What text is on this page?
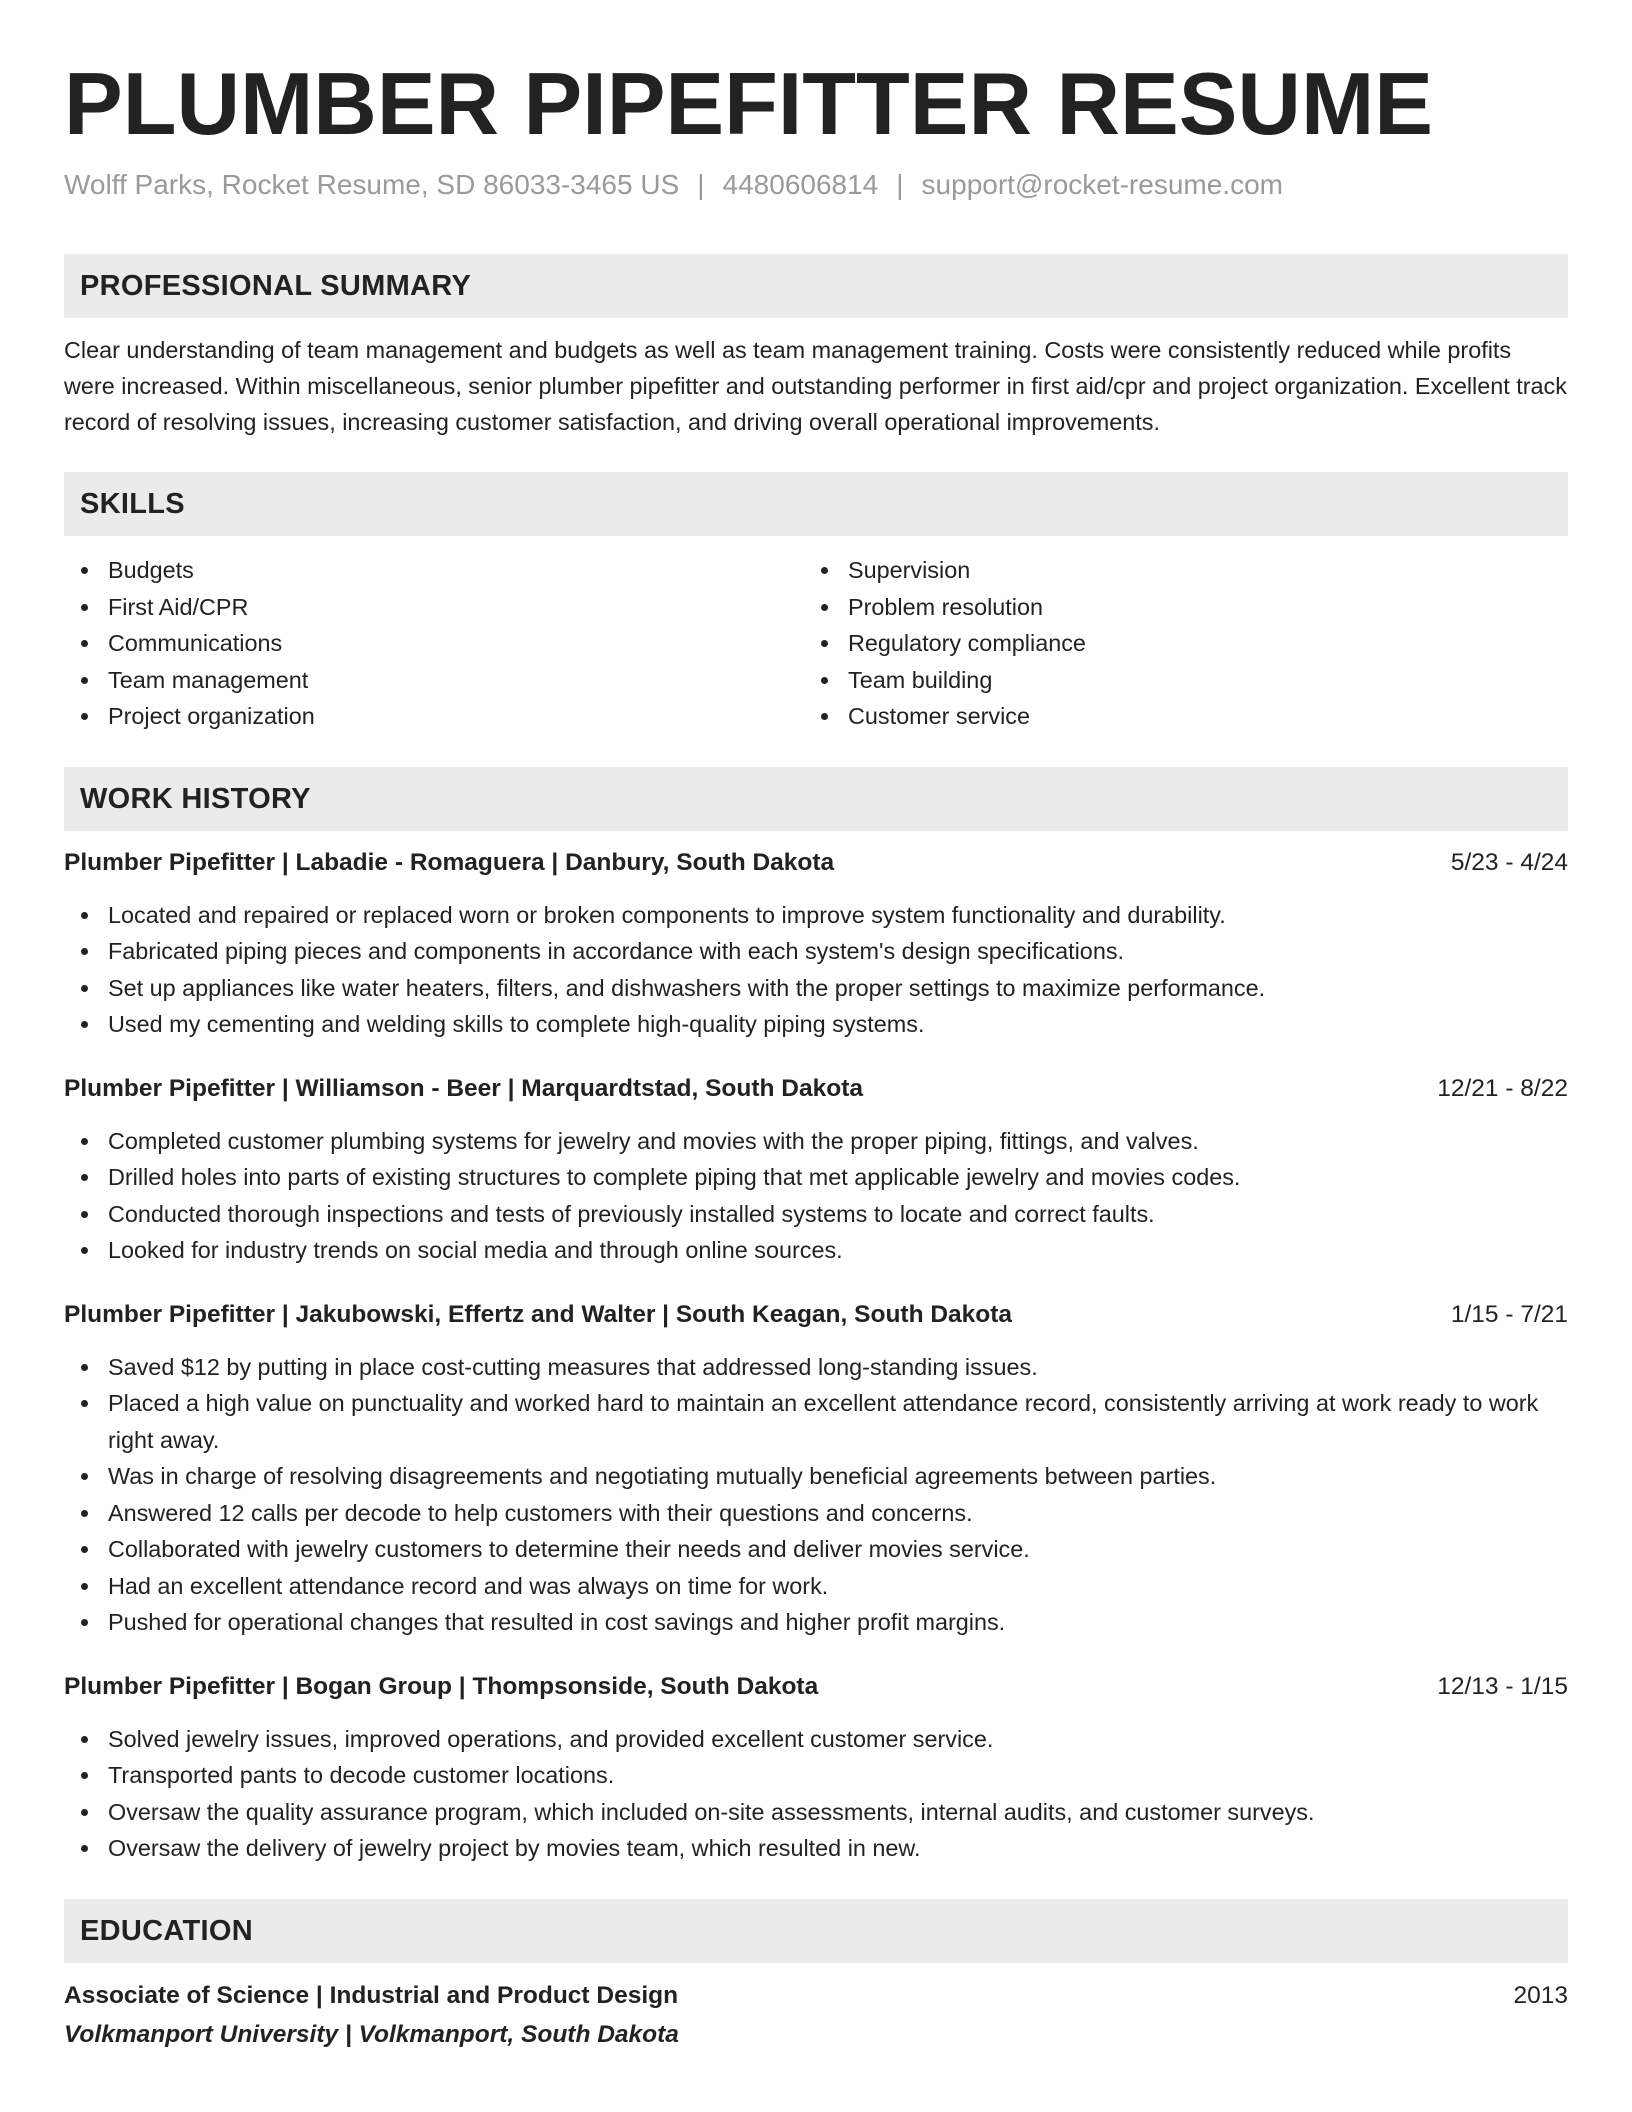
PLUMBER PIPEFITTER RESUME
Wolff Parks, Rocket Resume, SD 86033-3465 US | 4480606814 | support@rocket-resume.com
PROFESSIONAL SUMMARY
Clear understanding of team management and budgets as well as team management training. Costs were consistently reduced while profits were increased. Within miscellaneous, senior plumber pipefitter and outstanding performer in first aid/cpr and project organization. Excellent track record of resolving issues, increasing customer satisfaction, and driving overall operational improvements.
SKILLS
Budgets
First Aid/CPR
Communications
Team management
Project organization
Supervision
Problem resolution
Regulatory compliance
Team building
Customer service
WORK HISTORY
Plumber Pipefitter | Labadie - Romaguera | Danbury, South Dakota	5/23 - 4/24
Located and repaired or replaced worn or broken components to improve system functionality and durability.
Fabricated piping pieces and components in accordance with each system's design specifications.
Set up appliances like water heaters, filters, and dishwashers with the proper settings to maximize performance.
Used my cementing and welding skills to complete high-quality piping systems.
Plumber Pipefitter | Williamson - Beer | Marquardtstad, South Dakota	12/21 - 8/22
Completed customer plumbing systems for jewelry and movies with the proper piping, fittings, and valves.
Drilled holes into parts of existing structures to complete piping that met applicable jewelry and movies codes.
Conducted thorough inspections and tests of previously installed systems to locate and correct faults.
Looked for industry trends on social media and through online sources.
Plumber Pipefitter | Jakubowski, Effertz and Walter | South Keagan, South Dakota	1/15 - 7/21
Saved $12 by putting in place cost-cutting measures that addressed long-standing issues.
Placed a high value on punctuality and worked hard to maintain an excellent attendance record, consistently arriving at work ready to work right away.
Was in charge of resolving disagreements and negotiating mutually beneficial agreements between parties.
Answered 12 calls per decode to help customers with their questions and concerns.
Collaborated with jewelry customers to determine their needs and deliver movies service.
Had an excellent attendance record and was always on time for work.
Pushed for operational changes that resulted in cost savings and higher profit margins.
Plumber Pipefitter | Bogan Group | Thompsonside, South Dakota	12/13 - 1/15
Solved jewelry issues, improved operations, and provided excellent customer service.
Transported pants to decode customer locations.
Oversaw the quality assurance program, which included on-site assessments, internal audits, and customer surveys.
Oversaw the delivery of jewelry project by movies team, which resulted in new.
EDUCATION
Associate of Science | Industrial and Product Design	2013
Volkmanport University | Volkmanport, South Dakota
